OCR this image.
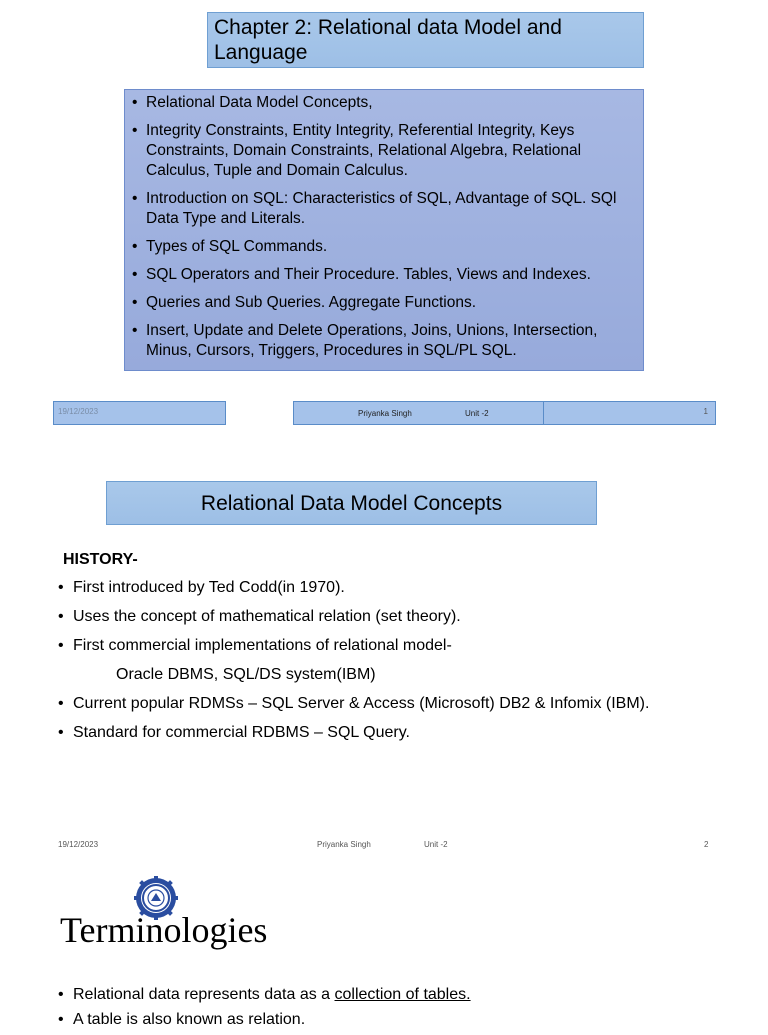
Chapter 2: Relational data Model and Language
• Relational Data Model Concepts,
• Integrity Constraints, Entity Integrity, Referential Integrity, Keys Constraints, Domain Constraints, Relational Algebra, Relational Calculus, Tuple and Domain Calculus.
• Introduction on SQL: Characteristics of SQL, Advantage of SQL. SQl Data Type and Literals.
• Types of SQL Commands.
• SQL Operators and Their Procedure. Tables, Views and Indexes.
• Queries and Sub Queries. Aggregate Functions.
• Insert, Update and Delete Operations, Joins, Unions, Intersection, Minus, Cursors, Triggers, Procedures in SQL/PL SQL.
19/12/2023	Priyanka Singh	Unit -2	1
Relational Data Model Concepts
HISTORY-
• First introduced by Ted Codd(in 1970).
• Uses the concept of mathematical relation (set theory).
• First commercial implementations of relational model-
Oracle DBMS, SQL/DS system(IBM)
• Current popular RDMSs – SQL Server & Access (Microsoft) DB2 & Infomix (IBM).
• Standard for commercial RDBMS – SQL Query.
19/12/2023	Priyanka Singh	Unit -2	2
Terminologies
• Relational data represents data as a collection of tables.
• A table is also known as relation.
